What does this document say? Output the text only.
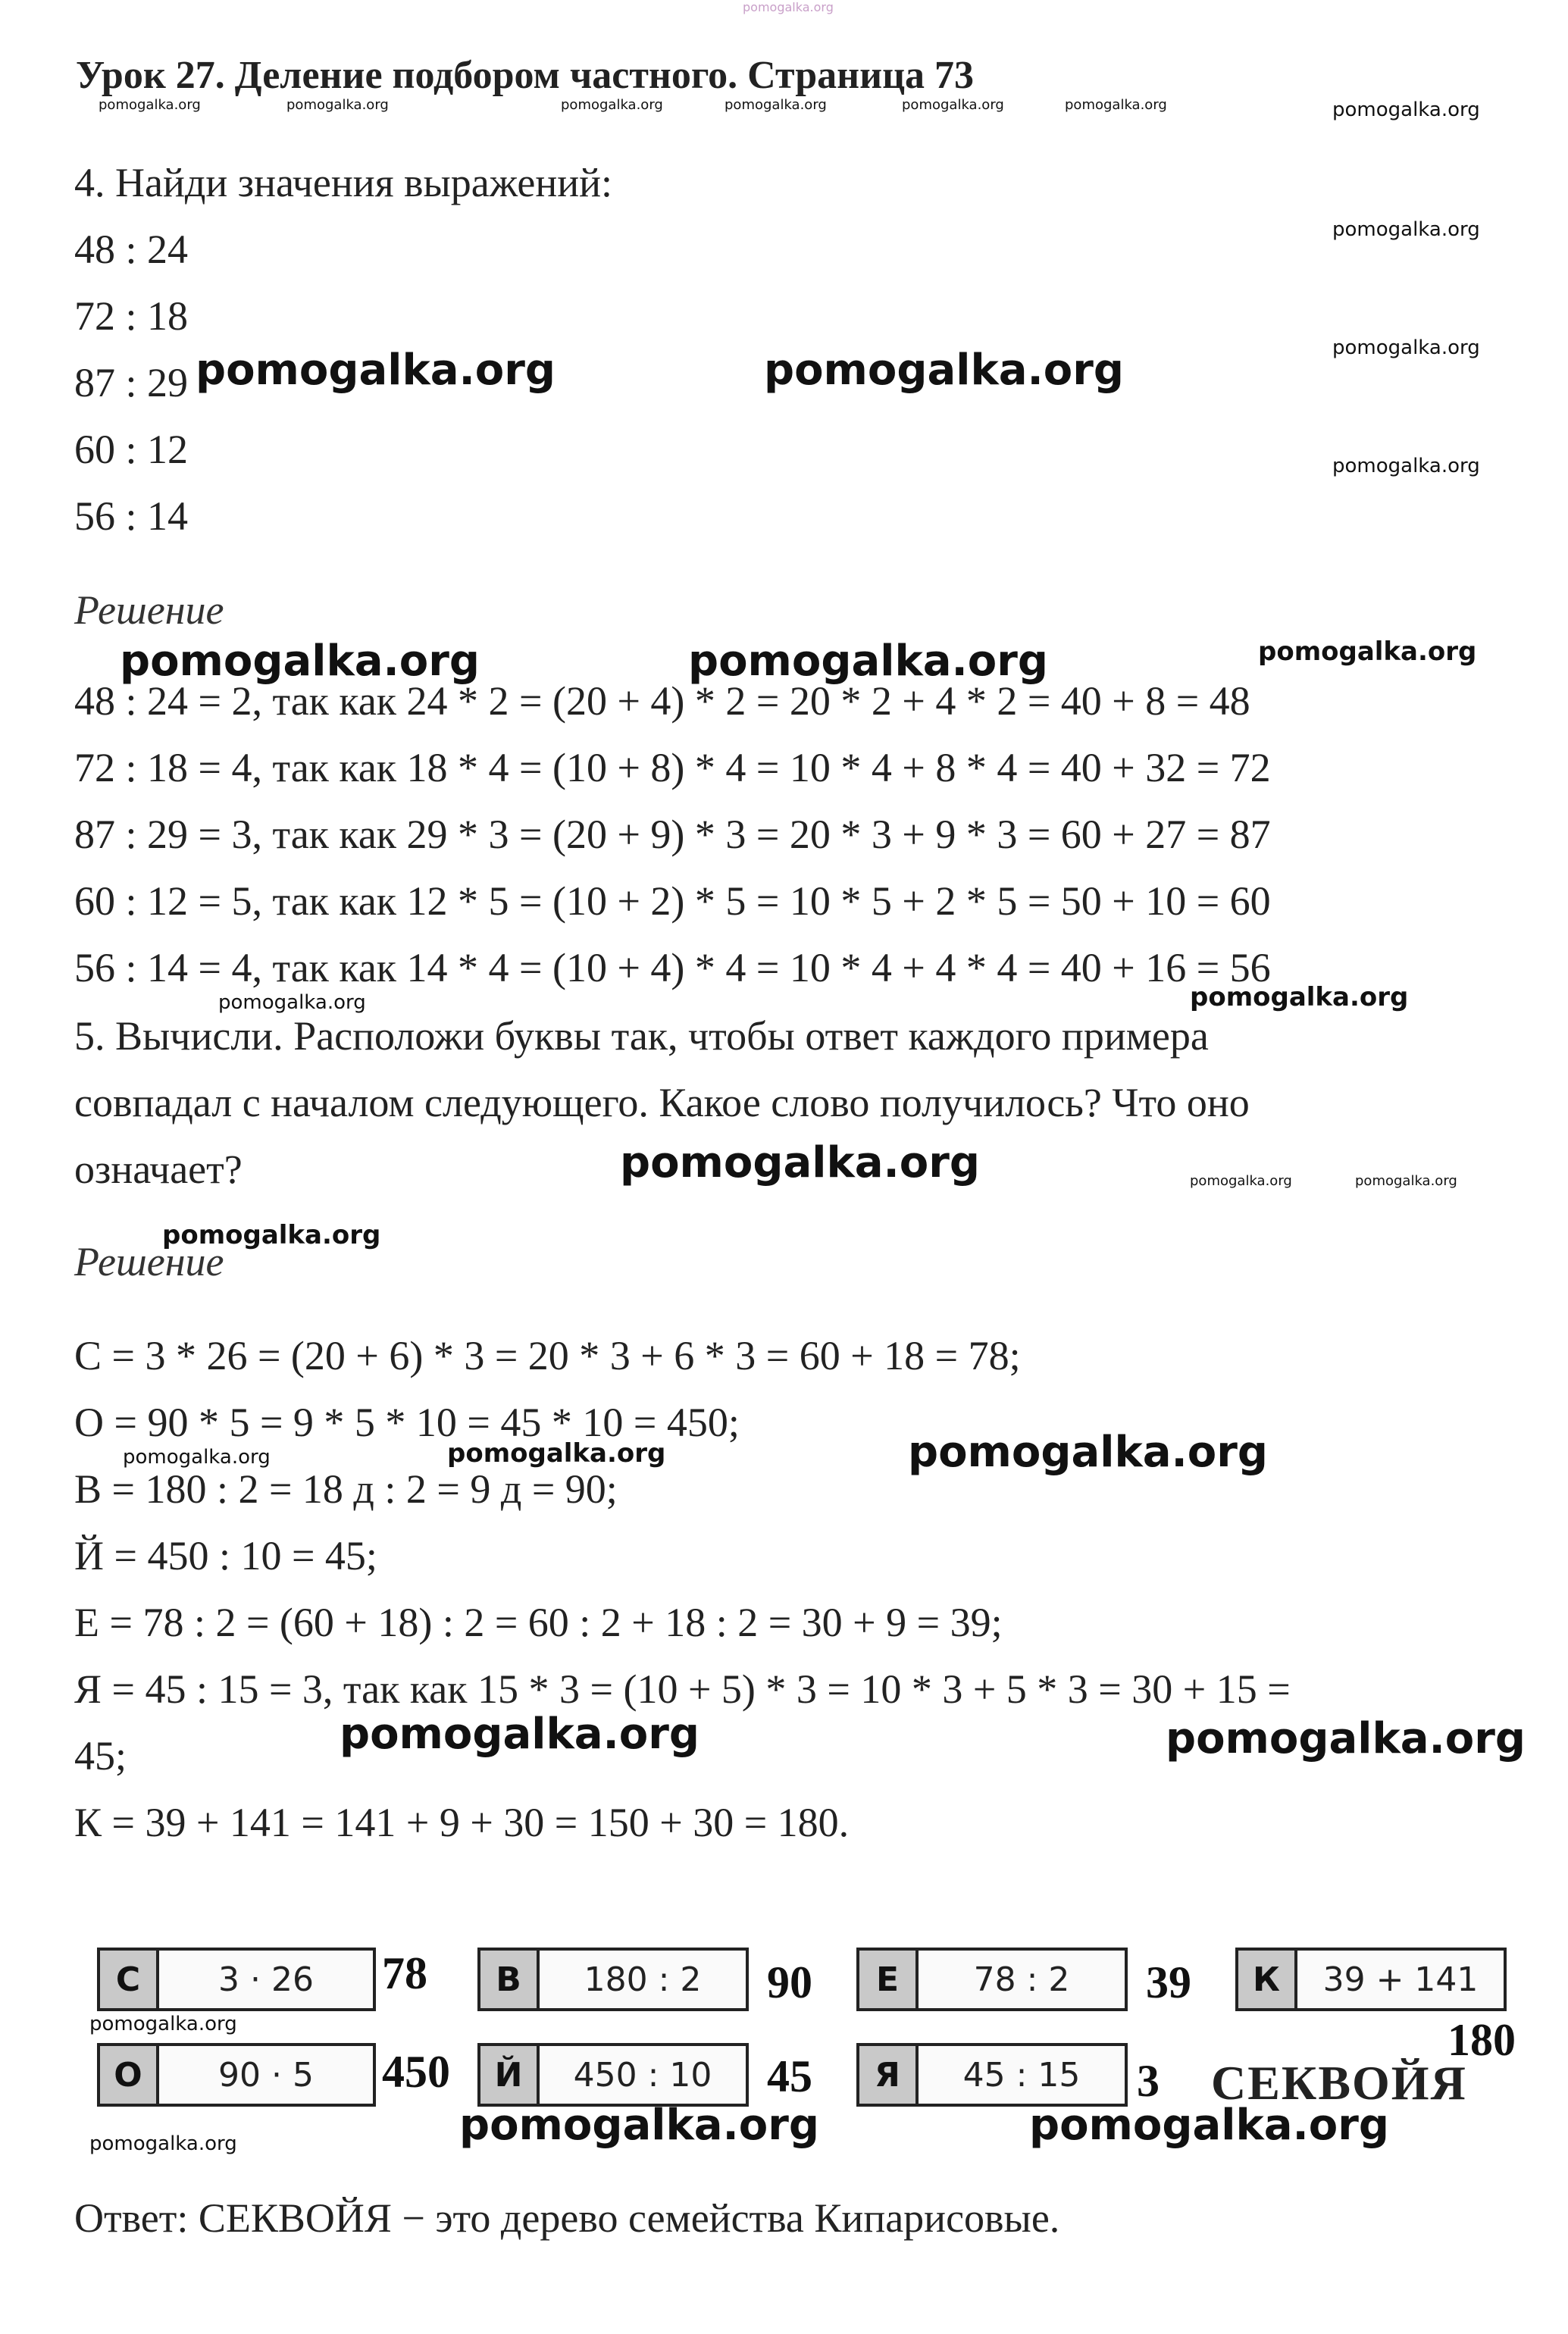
pomogalka.org
Урок 27. Деление подбором частного. Страница 73
pomogalka.org	pomogalka.org	pomogalka.org	pomogalka.org	pomogalka.org	pomogalka.org	pomogalka.org
4. Найди значения выражений:
48 : 24
72 : 18
87 : 29
60 : 12
56 : 14
pomogalka.org
pomogalka.org
pomogalka.org	pomogalka.org
pomogalka.org
Решение
pomogalka.org	pomogalka.org	pomogalka.org
48 : 24 = 2, так как 24 * 2 = (20 + 4) * 2 = 20 * 2 + 4 * 2 = 40 + 8 = 48
72 : 18 = 4, так как 18 * 4 = (10 + 8) * 4 = 10 * 4 + 8 * 4 = 40 + 32 = 72
87 : 29 = 3, так как 29 * 3 = (20 + 9) * 3 = 20 * 3 + 9 * 3 = 60 + 27 = 87
60 : 12 = 5, так как 12 * 5 = (10 + 2) * 5 = 10 * 5 + 2 * 5 = 50 + 10 = 60
56 : 14 = 4, так как 14 * 4 = (10 + 4) * 4 = 10 * 4 + 4 * 4 = 40 + 16 = 56
pomogalka.org	pomogalka.org
5. Вычисли. Расположи буквы так, чтобы ответ каждого примера
совпадал с началом следующего. Какое слово получилось? Что оно
означает?	pomogalka.org	pomogalka.org	pomogalka.org
pomogalka.org
Решение
С = 3 * 26 = (20 + 6) * 3 = 20 * 3 + 6 * 3 = 60 + 18 = 78;
О = 90 * 5 = 9 * 5 * 10 = 45 * 10 = 450;
pomogalka.org	pomogalka.org	pomogalka.org
В = 180 : 2 = 18 д : 2 = 9 д = 90;
Й = 450 : 10 = 45;
Е = 78 : 2 = (60 + 18) : 2 = 60 : 2 + 18 : 2 = 30 + 9 = 39;
Я = 45 : 15 = 3, так как 15 * 3 = (10 + 5) * 3 = 10 * 3 + 5 * 3 = 30 + 15 =
45;	pomogalka.org	pomogalka.org
К = 39 + 141 = 141 + 9 + 30 = 150 + 30 = 180.
С	3 · 26	78	В	180 : 2	90	Е	78 : 2	39	К	39 + 141
180
pomogalka.org
О	90 · 5	450	Й	450 : 10	45	Я	45 : 15	3 СЕКВОЙЯ
pomogalka.org	pomogalka.org	pomogalka.org
Ответ: СЕКВОЙЯ − это дерево семейства Кипарисовые.
